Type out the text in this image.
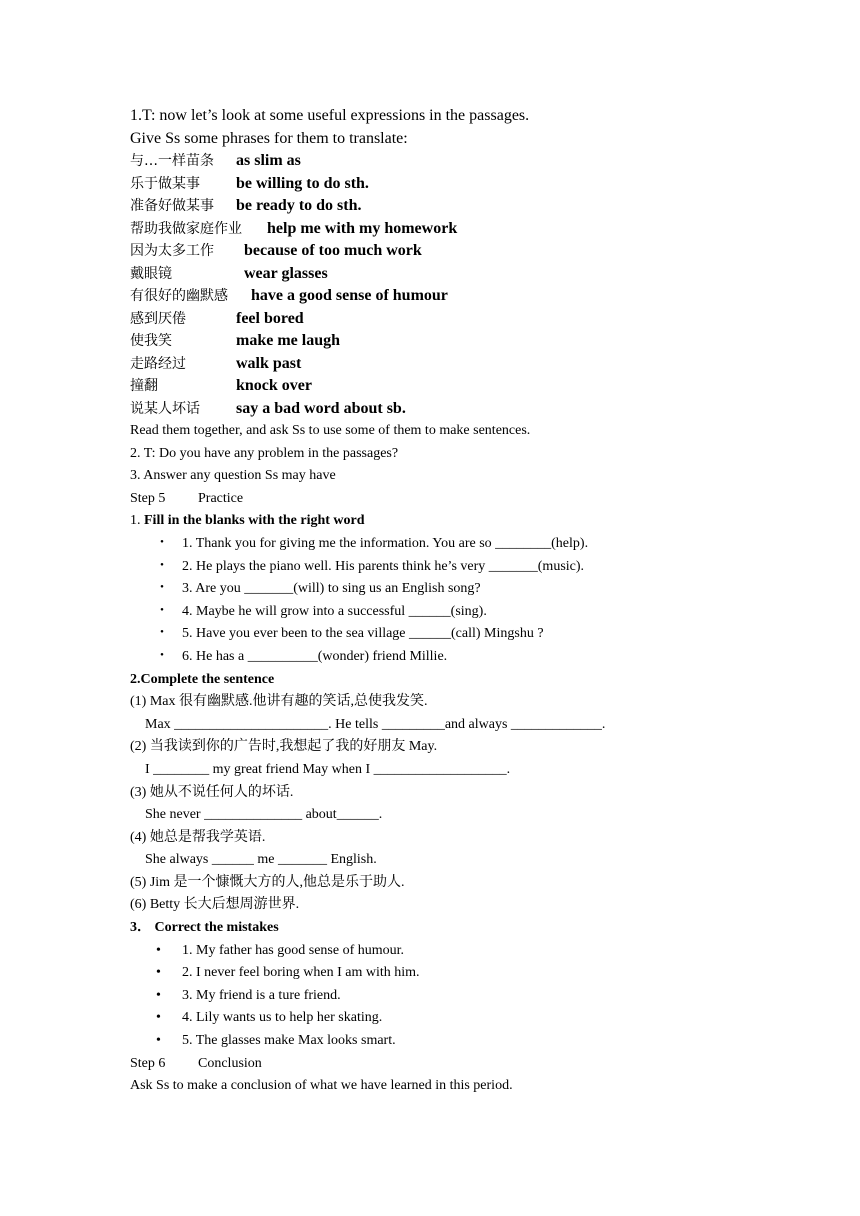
1.T: now let’s look at some useful expressions in the passages.

Give Ss some phrases for them to translate:

与…一样苗条	as slim as
乐于做某事	be willing to do sth.
准备好做某事	be ready to do sth.
帮助我做家庭作业	help me with my homework
因为太多工作	because of too much work
戴眼镜	wear glasses
有很好的幽默感	have a good sense of humour
感到厌倦	feel bored
使我笑	make me laugh
走路经过	walk past
撞翻	knock over
说某人坏话	say a bad word about sb.

Read them together, and ask Ss to use some of them to make sentences.

2. T: Do you have any problem in the passages?

3. Answer any question Ss may have

Step 5	Practice

1. Fill in the blanks with the right word

・ 1. Thank you for giving me the information. You are so ________(help).
・ 2. He plays the piano well. His parents think he’s very _______(music).
・ 3. Are you _______(will) to sing us an English song?
・ 4. Maybe he will grow into a successful ______(sing).
・ 5. Have you ever been to the sea village ______(call) Mingshu ?
・ 6. He has a __________(wonder) friend Millie.

2.Complete the sentence

(1) Max 很有幽默感.他讲有趣的笑话,总使我发笑.

Max ______________________. He tells _________and always _____________.

(2) 当我读到你的广告时,我想起了我的好朋友 May.

I ________ my great friend May when I ___________________.

(3) 她从不说任何人的坏话.

She never ______________ about______.

(4) 她总是帮我学英语.

She always ______ me _______ English.

(5) Jim 是一个慷慨大方的人,他总是乐于助人.

(6) Betty 长大后想周游世界.

3． Correct the mistakes

•	1. My father has good sense of humour.
•	2. I never feel boring when I am with him.
•	3. My friend is a ture friend.
•	4. Lily wants us to help her skating.
•	5. The glasses make Max looks smart.
Step 6	Conclusion

Ask Ss to make a conclusion of what we have learned in this period.
